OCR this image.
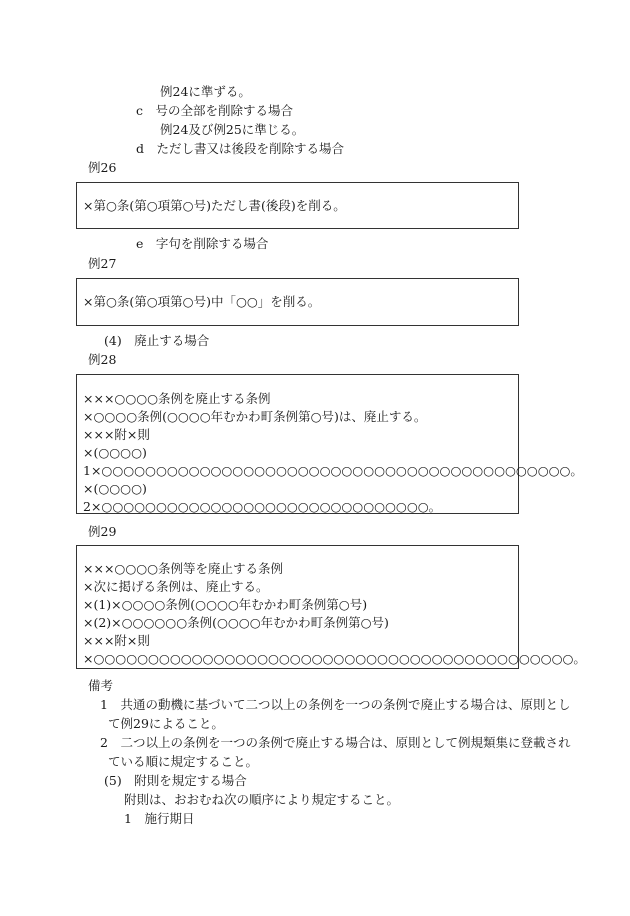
例24に準ずる。
c　号の全部を削除する場合
例24及び例25に準じる。
d　ただし書又は後段を削除する場合
例26
×第○条(第○項第○号)ただし書(後段)を削る。
e　字句を削除する場合
例27
×第○条(第○項第○号)中「○○」を削る。
(4)　廃止する場合
例28
×××○○○○条例を廃止する条例
×○○○○条例(○○○○年むかわ町条例第○号)は、廃止する。
×××附×則
×(○○○○)
1×○○○○○○○○○○○○○○○○○○○○○○○○○○○○○○○○○○○○○○○○○○○。
×(○○○○)
2×○○○○○○○○○○○○○○○○○○○○○○○○○○○○○○。
例29
×××○○○○条例等を廃止する条例
×次に掲げる条例は、廃止する。
×(1)×○○○○条例(○○○○年むかわ町条例第○号)
×(2)×○○○○○○条例(○○○○年むかわ町条例第○号)
×××附×則
×○○○○○○○○○○○○○○○○○○○○○○○○○○○○○○○○○○○○○○○○○○○○。
備考
1　共通の動機に基づいて二つ以上の条例を一つの条例で廃止する場合は、原則とし
て例29によること。
2　二つ以上の条例を一つの条例で廃止する場合は、原則として例規類集に登載され
ている順に規定すること。
(5)　附則を規定する場合
附則は、おおむね次の順序により規定すること。
1　施行期日
